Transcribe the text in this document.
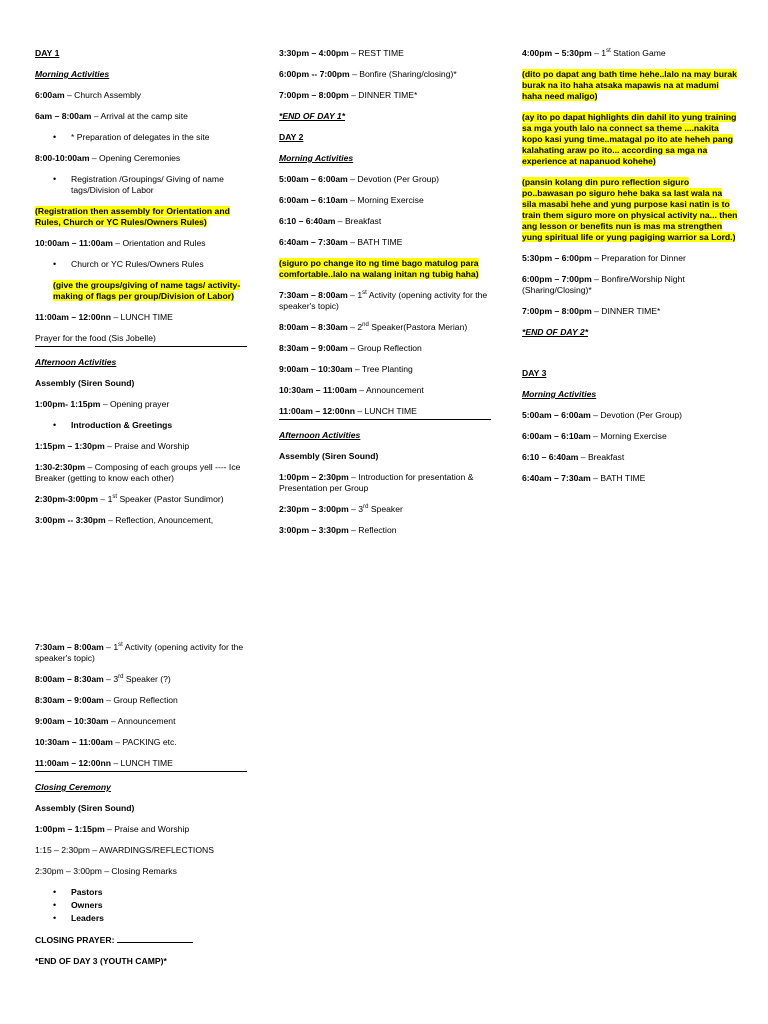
DAY 1
Morning Activities
6:00am – Church Assembly
6am – 8:00am – Arrival at the camp site
• * Preparation of delegates in the site
8:00-10:00am – Opening Ceremonies
• Registration /Groupings/ Giving of name tags/Division of Labor
(Registration then assembly for Orientation and Rules, Church or YC Rules/Owners Rules)
10:00am – 11:00am – Orientation and Rules
• Church or YC Rules/Owners Rules
(give the groups/giving of name tags/ activity-making of flags per group/Division of Labor)
11:00am – 12:00nn – LUNCH TIME
Prayer for the food (Sis Jobelle)
Afternoon Activities
Assembly (Siren Sound)
1:00pm- 1:15pm – Opening prayer
• Introduction & Greetings
1:15pm – 1:30pm – Praise and Worship
1:30-2:30pm – Composing of each groups yell ---- Ice Breaker (getting to know each other)
2:30pm-3:00pm – 1st Speaker (Pastor Sundimor)
3:00pm -- 3:30pm – Reflection, Anouncement,
3:30pm – 4:00pm – REST TIME
6:00pm -- 7:00pm – Bonfire (Sharing/closing)*
7:00pm – 8:00pm – DINNER TIME*
*END OF DAY 1*
DAY 2
Morning Activities
5:00am – 6:00am – Devotion (Per Group)
6:00am – 6:10am – Morning Exercise
6:10 – 6:40am – Breakfast
6:40am – 7:30am – BATH TIME
(siguro po change ito ng time bago matulog para comfortable..lalo na walang initan ng tubig haha)
7:30am – 8:00am – 1st Activity (opening activity for the speaker's topic)
8:00am – 8:30am – 2nd Speaker(Pastora Merian)
8:30am – 9:00am – Group Reflection
9:00am – 10:30am – Tree Planting
10:30am – 11:00am – Announcement
11:00am – 12:00nn – LUNCH TIME
Afternoon Activities
Assembly (Siren Sound)
1:00pm – 2:30pm – Introduction for presentation & Presentation per Group
2:30pm – 3:00pm – 3rd Speaker
3:00pm – 3:30pm – Reflection
4:00pm – 5:30pm – 1st Station Game
(dito po dapat ang bath time hehe..lalo na may burak burak na ito haha atsaka mapawis na at madumi haha need maligo)
(ay ito po dapat highlights din dahil ito yung training sa mga youth lalo na connect sa theme ....nakita kopo kasi yung time..matagal po ito ate heheh pang kalahating araw po ito... according sa mga na experience at napanuod kohehe)
(pansin kolang din puro reflection siguro po..bawasan po siguro hehe baka sa last wala na sila masabi hehe and yung purpose kasi natin is to train them siguro more on physical activity na... then ang lesson or benefits nun is mas ma strengthen yung spiritual life or yung pagiging warrior sa Lord.)
5:30pm – 6:00pm – Preparation for Dinner
6:00pm – 7:00pm – Bonfire/Worship Night (Sharing/Closing)*
7:00pm – 8:00pm – DINNER TIME*
*END OF DAY 2*
DAY 3
Morning Activities
5:00am – 6:00am – Devotion (Per Group)
6:00am – 6:10am – Morning Exercise
6:10 – 6:40am – Breakfast
6:40am – 7:30am – BATH TIME
7:30am – 8:00am – 1st Activity (opening activity for the speaker's topic)
8:00am – 8:30am – 3rd Speaker (?)
8:30am – 9:00am – Group Reflection
9:00am – 10:30am – Announcement
10:30am – 11:00am – PACKING etc.
11:00am – 12:00nn – LUNCH TIME
Closing Ceremony
Assembly (Siren Sound)
1:00pm – 1:15pm – Praise and Worship
1:15 – 2:30pm – AWARDINGS/REFLECTIONS
2:30pm – 3:00pm – Closing Remarks
• Pastors
• Owners
• Leaders
CLOSING PRAYER:
*END OF DAY 3 (YOUTH CAMP)*
